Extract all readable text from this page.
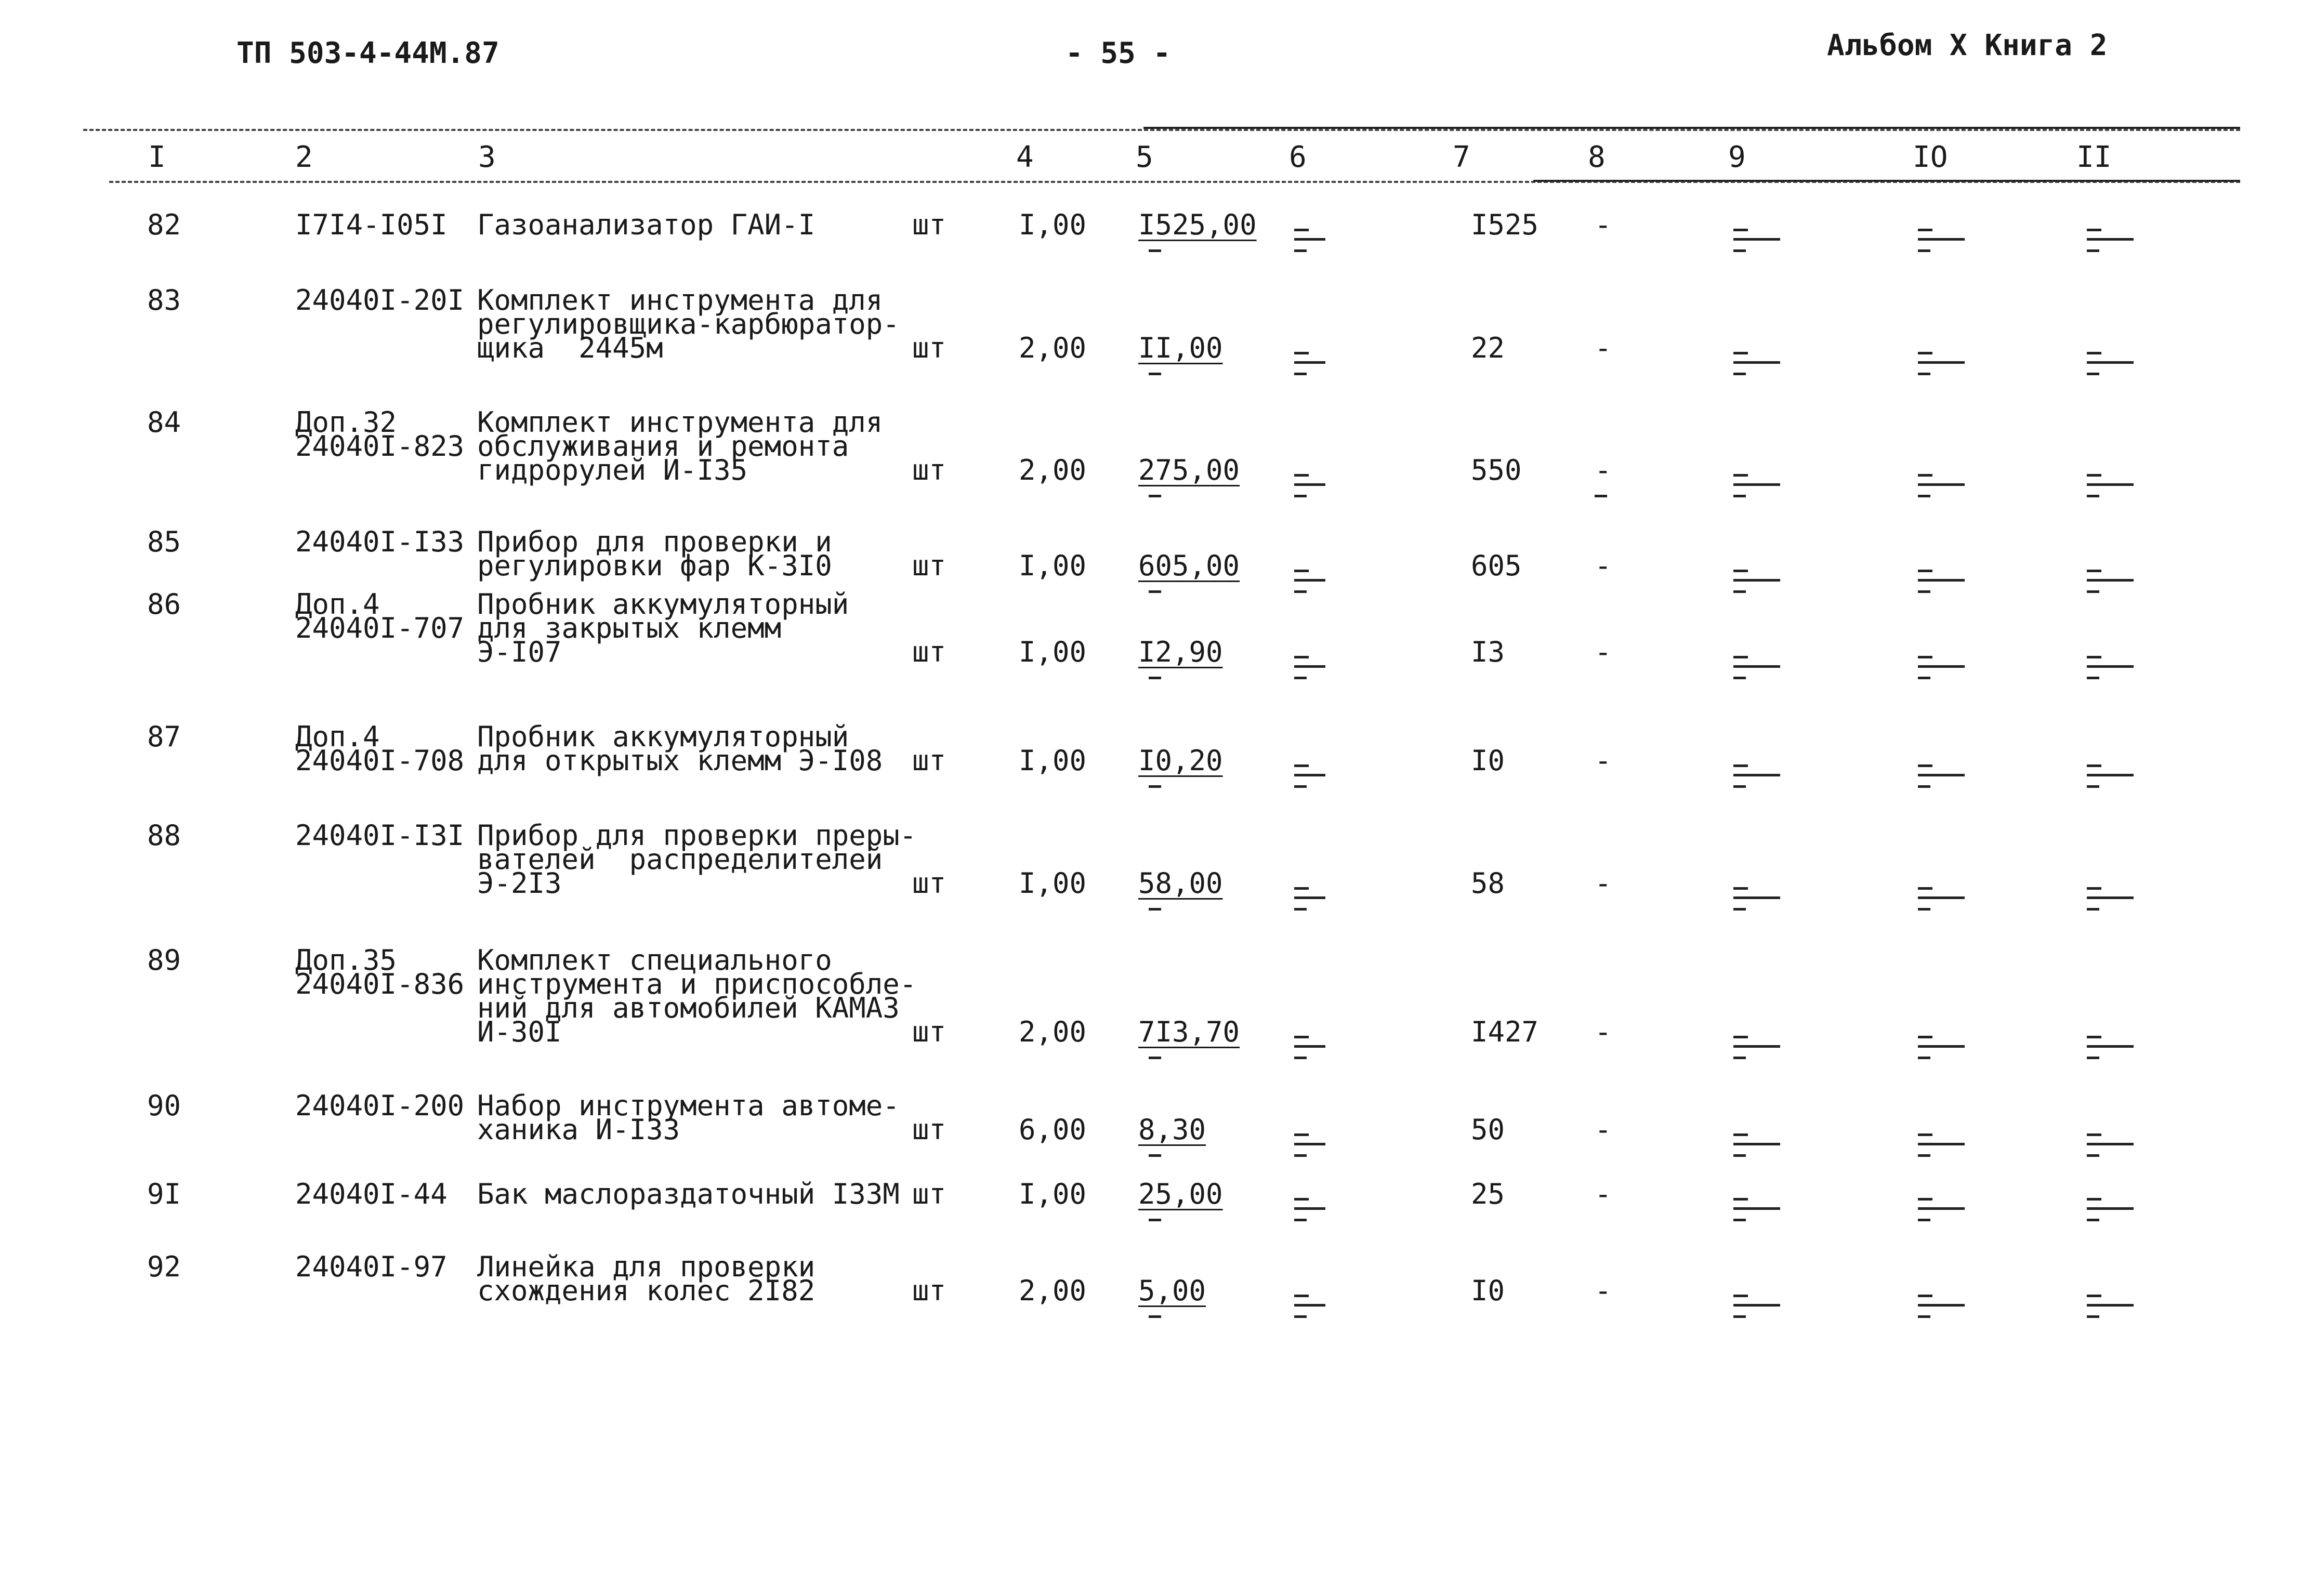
ТП 503-4-44М.87	- 55 -	Альбом X Книга 2
I	2	3	4	5	6	7	8	9	IO	II
82	I7I4-I05I Газоанализатор ГАИ-I	шт	I,00 I525,00	I525 -
83	24040I-20I Комплект инструмента для
регулировщика-карбюратор-
щика  2445м	шт	2,00 II,00	22	-
84	Доп.32
24040I-823
Комплект инструмента для
обслуживания и ремонта
гидрорулей И-I35	шт	2,00 275,00	550	-
85	24040I-I33 Прибор для проверки и
регулировки фар К-3I0	шт	I,00 605,00	605	-
86	Доп.4
24040I-707
Пробник аккумуляторный
для закрытых клемм
Э-I07	шт	I,00 I2,90	I3	-
87	Доп.4
24040I-708
Пробник аккумуляторный
для открытых клемм Э-I08 шт	I,00 I0,20	I0	-
88	24040I-I3I Прибор для проверки преры-
вателей  распределителей
Э-2I3	шт	I,00 58,00	58	-
89	Доп.35
24040I-836
Комплект специального
инструмента и приспособле-
ний для автомобилей КАМАЗ
И-30I	шт	2,00 7I3,70	I427 -
90	24040I-200 Набор инструмента автоме-
ханика И-I33	шт	6,00 8,30	50	-
9I	24040I-44 Бак маслораздаточный I33М шт	I,00 25,00	25	-
92	24040I-97 Линейка для проверки
схождения колес 2I82	шт	2,00 5,00	I0	-
